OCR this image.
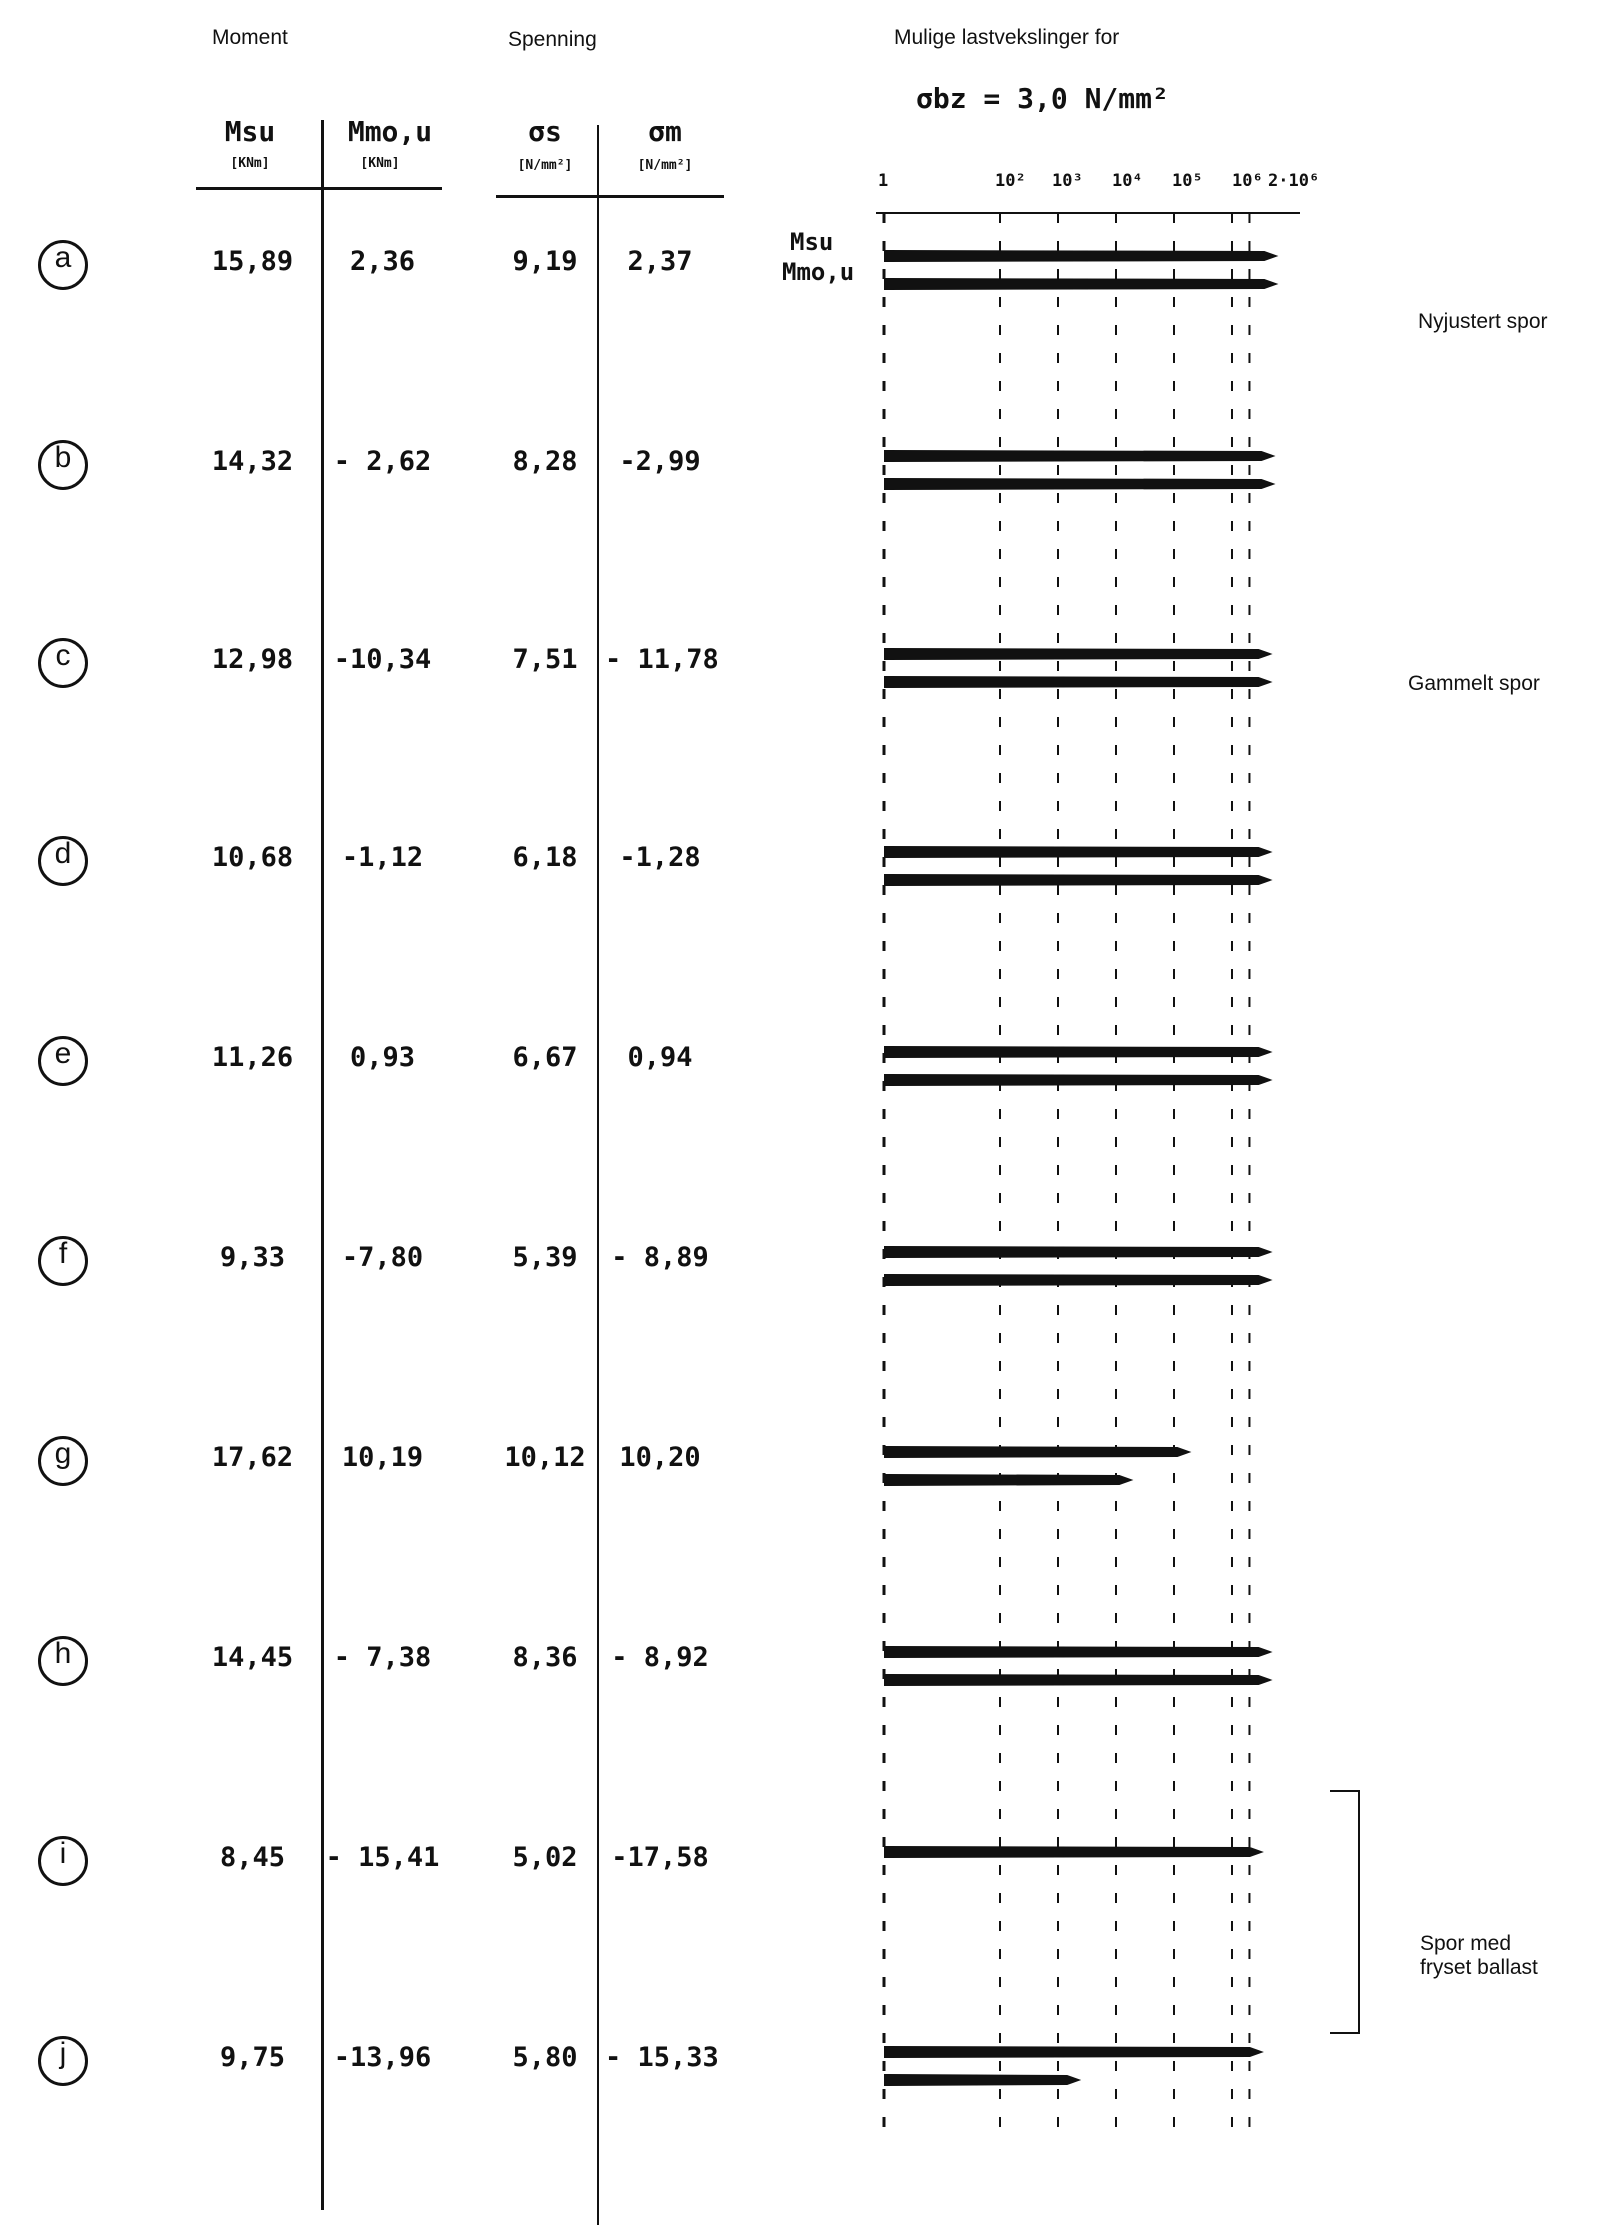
Moment	Spenning	Mulige lastvekslinger for
σbz = 3,0 N/mm²
Msu
[KNm]
Mmo,u
[KNm]
σs
[N/mm²]
σm
[N/mm²]
Msu
Mmo,u
Nyjustert spor
Gammelt spor
Spor med
fryset ballast
a	15,89	2,36	9,19	2,37
b	14,32	- 2,62	8,28	-2,99
c	12,98	-10,34	7,51	- 11,78
d	10,68	-1,12	6,18	-1,28
e	11,26	0,93	6,67	0,94
f	9,33	-7,80	5,39	- 8,89
g	17,62	10,19	10,12	10,20
h	14,45	- 7,38	8,36	- 8,92
i	8,45	- 15,41	5,02	-17,58
j	9,75	-13,96	5,80	- 15,33
1	10² 10³ 10⁴ 10⁵ 10⁶ 2·10⁶
